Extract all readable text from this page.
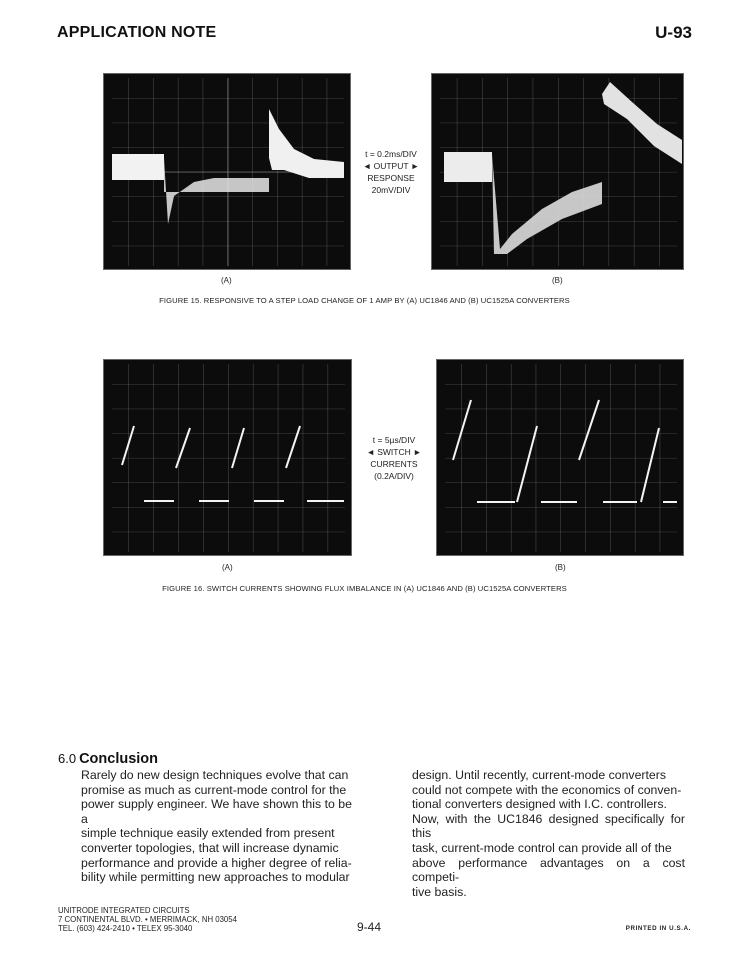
APPLICATION NOTE	U-93
t = 0.2ms/DIV
◄ OUTPUT ►
RESPONSE
20mV/DIV
(A)	(B)
FIGURE 15. RESPONSIVE TO A STEP LOAD CHANGE OF 1 AMP BY (A) UC1846 AND (B) UC1525A CONVERTERS
t = 5µs/DIV
◄ SWITCH ►
CURRENTS
(0.2A/DIV)
(A)	(B)
FIGURE 16. SWITCH CURRENTS SHOWING FLUX IMBALANCE IN (A) UC1846 AND (B) UC1525A CONVERTERS
6.0 Conclusion

Rarely do new design techniques evolve that can

promise as much as current-mode control for the

power supply engineer. We have shown this to be a

simple technique easily extended from present

converter topologies, that will increase dynamic

performance and provide a higher degree of relia-

bility while permitting new approaches to modular

design. Until recently, current-mode converters

could not compete with the economics of conven-

tional converters designed with I.C. controllers.

Now, with the UC1846 designed specifically for this

task, current-mode control can provide all of the

above performance advantages on a cost competi-

tive basis.

UNITRODE INTEGRATED CIRCUITS
7 CONTINENTAL BLVD. • MERRIMACK, NH 03054
TEL. (603) 424-2410 • TELEX 95-3040	9-44	PRINTED IN U.S.A.
